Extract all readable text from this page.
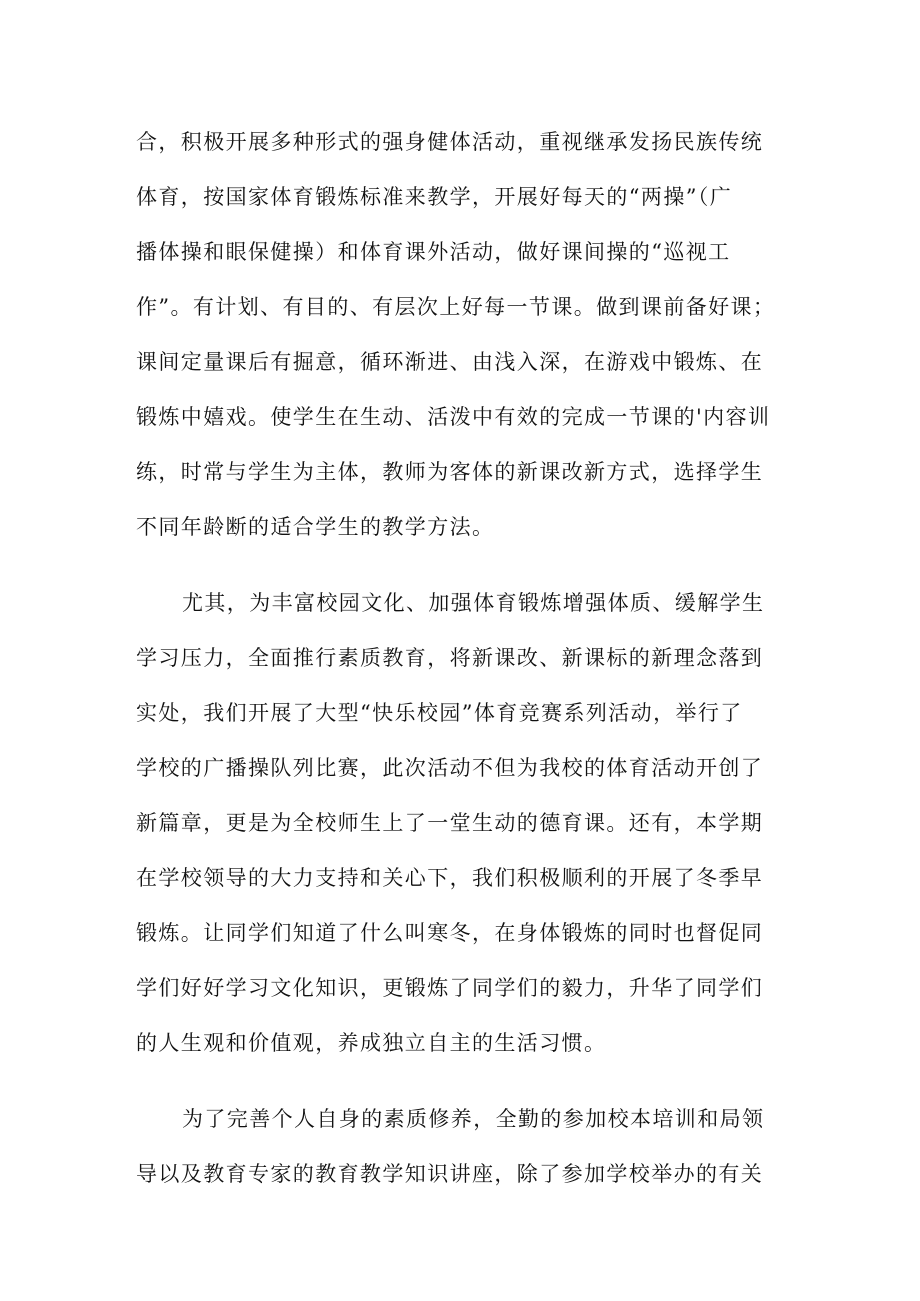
合，积极开展多种形式的强身健体活动，重视继承发扬民族传统
体育，按国家体育锻炼标准来教学，开展好每天的“两操”（广
播体操和眼保健操）和体育课外活动，做好课间操的“巡视工
作”。有计划、有目的、有层次上好每一节课。做到课前备好课；
课间定量课后有掘意，循环渐进、由浅入深，在游戏中锻炼、在
锻炼中嬉戏。使学生在生动、活泼中有效的完成一节课的'内容训
练，时常与学生为主体，教师为客体的新课改新方式，选择学生
不同年龄断的适合学生的教学方法。
尤其，为丰富校园文化、加强体育锻炼增强体质、缓解学生
学习压力，全面推行素质教育，将新课改、新课标的新理念落到
实处，我们开展了大型“快乐校园”体育竞赛系列活动，举行了
学校的广播操队列比赛，此次活动不但为我校的体育活动开创了
新篇章，更是为全校师生上了一堂生动的德育课。还有，本学期
在学校领导的大力支持和关心下，我们积极顺利的开展了冬季早
锻炼。让同学们知道了什么叫寒冬，在身体锻炼的同时也督促同
学们好好学习文化知识，更锻炼了同学们的毅力，升华了同学们
的人生观和价值观，养成独立自主的生活习惯。
为了完善个人自身的素质修养，全勤的参加校本培训和局领
导以及教育专家的教育教学知识讲座，除了参加学校举办的有关
